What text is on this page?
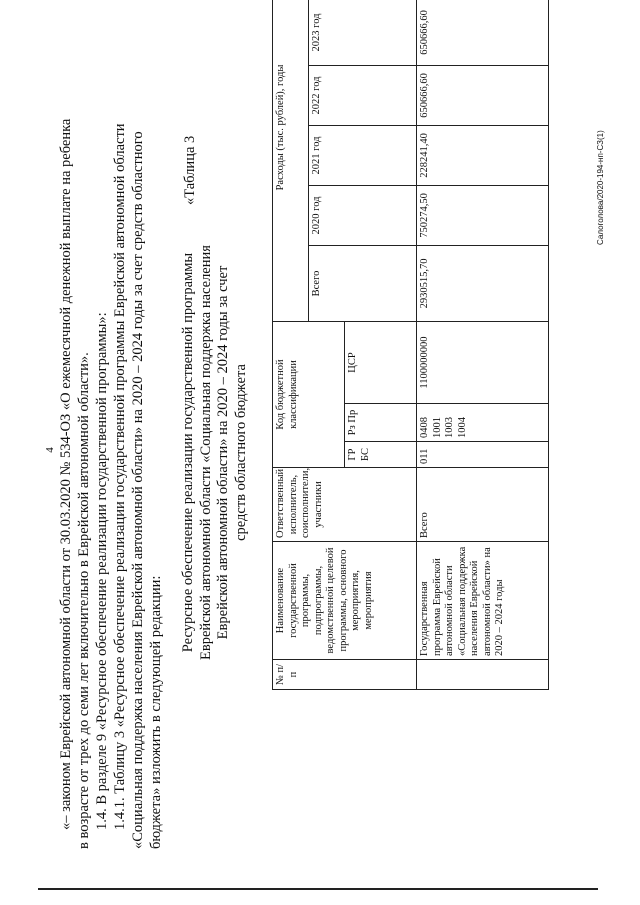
4 «– законом Еврейской автономной области от 30.03.2020 № 534-ОЗ «О ежемесячной денежной выплате на ребенка в возрасте от трех до семи лет включительно в Еврейской автономной области». 1.4. В разделе 9 «Ресурсное обеспечение реализации государственной программы»: 1.4.1. Таблицу 3 «Ресурсное обеспечение реализации государственной программы Еврейской автономной области «Социальная поддержка населения Еврейской автономной области» на 2020 – 2024 годы за счет средств областного бюджета» изложить в следующей редакции:
«Таблица 3
Ресурсное обеспечение реализации государственной программы Еврейской автономной области «Социальная поддержка населения Еврейской автономной области» на 2020 – 2024 годы за счет средств областного бюджета
№ п/п	Наименование государственной программы, подпрограммы, ведомственной целевой программы, основного мероприятия, мероприятия	Ответственный исполнитель, соисполнители, участники	Код бюджетной классификации			Расходы (тыс. рублей), годы					
						Всего	2020 год	2021 год	2022 год	2023 год	
			ГР БС	Рз Пр	ЦСР						
	Государственная программа Еврейской автономной области «Социальная поддержка населения Еврейской автономной области» на 2020 – 2024 годы	Всего	011	0408 1001 1003 1004	1100000000	2930515,70	750274,50	228241,40	650666,60	650666,60	
Салоголова/2020-194-нп-СЗ(1)
